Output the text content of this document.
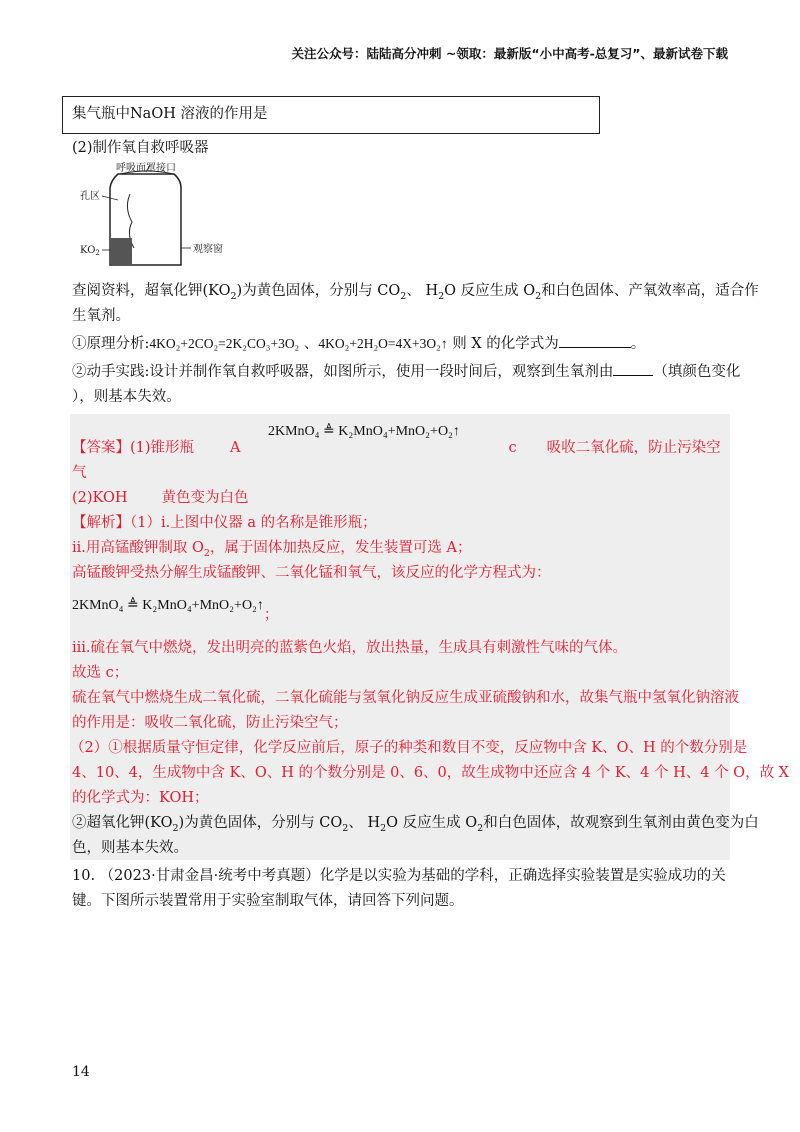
关注公众号：陆陆高分冲刺 ~领取：最新版“小中高考-总复习”、最新试卷下载
集气瓶中NaOH 溶液的作用是
(2)制作氧自救呼吸器
呼吸面罩接口
孔区
$KO_2$	观察窗
查阅资料，超氧化钾$(KO_2)$为黄色固体，分别与 $CO_2$、 $H_2O$ 反应生成 $O_2$和白色固体、产氧效率高，适合作
生氧剂。
①原理分析:4KO₂+2CO₂=2K₂CO₃+3O₂ 、4KO₂+2H₂O=4X+3O₂↑ 则 X 的化学式为	。
②动手实践:设计并制作氧自救呼吸器，如图所示，使用一段时间后，观察到生氧剂由	（填颜色变化
），则基本失效。
2KMnO₄ ≜ K₂MnO₄+MnO₂+O₂↑
【答案】(1)锥形瓶 A	c 吸收二氧化硫，防止污染空
气
(2)KOH 黄色变为白色
【解析】（1）i.上图中仪器 a 的名称是锥形瓶；
ii.用高锰酸钾制取 $O_2$，属于固体加热反应，发生装置可选 A；
高锰酸钾受热分解生成锰酸钾、二氧化锰和氧气，该反应的化学方程式为：
2KMnO₄ ≜ K₂MnO₄+MnO₂+O₂↑；
iii.硫在氧气中燃烧，发出明亮的蓝紫色火焰，放出热量，生成具有刺激性气味的气体。
故选 c；
硫在氧气中燃烧生成二氧化硫，二氧化硫能与氢氧化钠反应生成亚硫酸钠和水，故集气瓶中氢氧化钠溶液
的作用是：吸收二氧化硫，防止污染空气；
（2）①根据质量守恒定律，化学反应前后，原子的种类和数目不变，反应物中含 K、O、H 的个数分别是
4、10、4，生成物中含 K、O、H 的个数分别是 0、6、0，故生成物中还应含 4 个 K、4 个 H、4 个 O，故 X
的化学式为：KOH；
②超氧化钾$(KO_2)$为黄色固体，分别与 $CO_2$、 $H_2O$ 反应生成 $O_2$和白色固体，故观察到生氧剂由黄色变为白
色，则基本失效。
10. （2023·甘肃金昌·统考中考真题）化学是以实验为基础的学科，正确选择实验装置是实验成功的关
键。下图所示装置常用于实验室制取气体，请回答下列问题。
14
